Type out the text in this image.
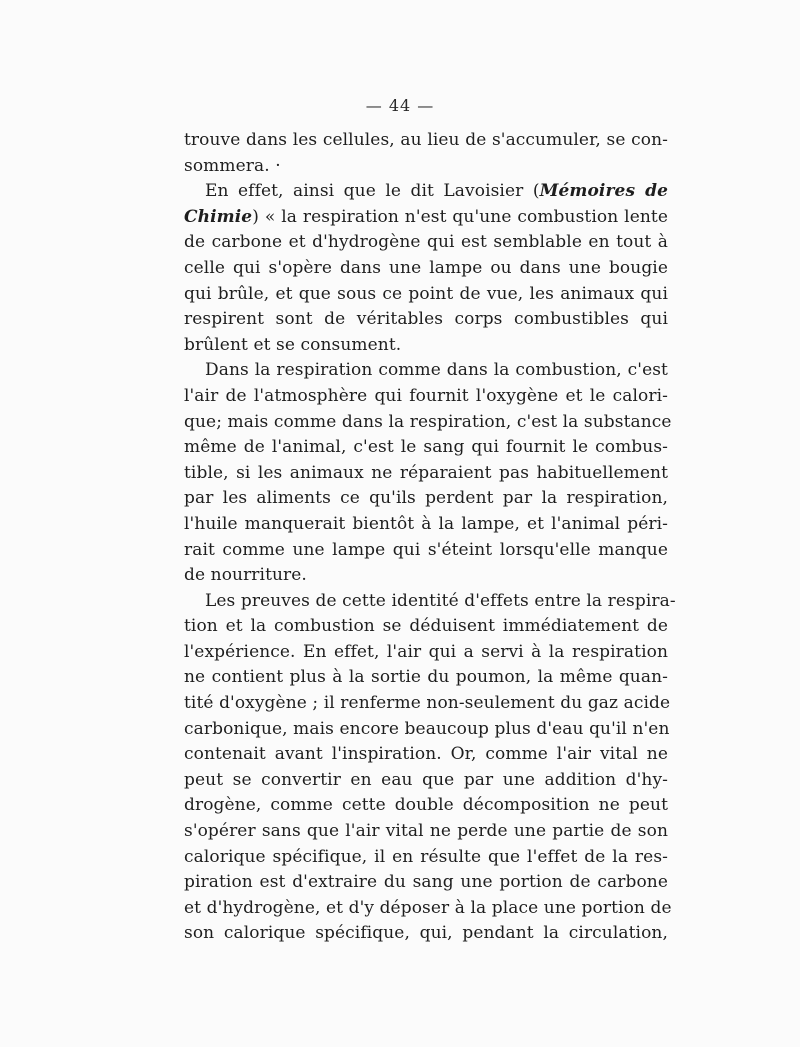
— 44 —
trouve dans les cellules, au lieu de s'accumuler, se con-
sommera. ·
En effet, ainsi que le dit Lavoisier (Mémoires de
Chimie) « la respiration n'est qu'une combustion lente
de carbone et d'hydrogène qui est semblable en tout à
celle qui s'opère dans une lampe ou dans une bougie
qui brûle, et que sous ce point de vue, les animaux qui
respirent sont de véritables corps combustibles qui
brûlent et se consument.
Dans la respiration comme dans la combustion, c'est
l'air de l'atmosphère qui fournit l'oxygène et le calori-
que; mais comme dans la respiration, c'est la substance
même de l'animal, c'est le sang qui fournit le combus-
tible, si les animaux ne réparaient pas habituellement
par les aliments ce qu'ils perdent par la respiration,
l'huile manquerait bientôt à la lampe, et l'animal péri-
rait comme une lampe qui s'éteint lorsqu'elle manque
de nourriture.
Les preuves de cette identité d'effets entre la respira-
tion et la combustion se déduisent immédiatement de
l'expérience. En effet, l'air qui a servi à la respiration
ne contient plus à la sortie du poumon, la même quan-
tité d'oxygène ; il renferme non-seulement du gaz acide
carbonique, mais encore beaucoup plus d'eau qu'il n'en
contenait avant l'inspiration. Or, comme l'air vital ne
peut se convertir en eau que par une addition d'hy-
drogène, comme cette double décomposition ne peut
s'opérer sans que l'air vital ne perde une partie de son
calorique spécifique, il en résulte que l'effet de la res-
piration est d'extraire du sang une portion de carbone
et d'hydrogène, et d'y déposer à la place une portion de
son calorique spécifique, qui, pendant la circulation,
